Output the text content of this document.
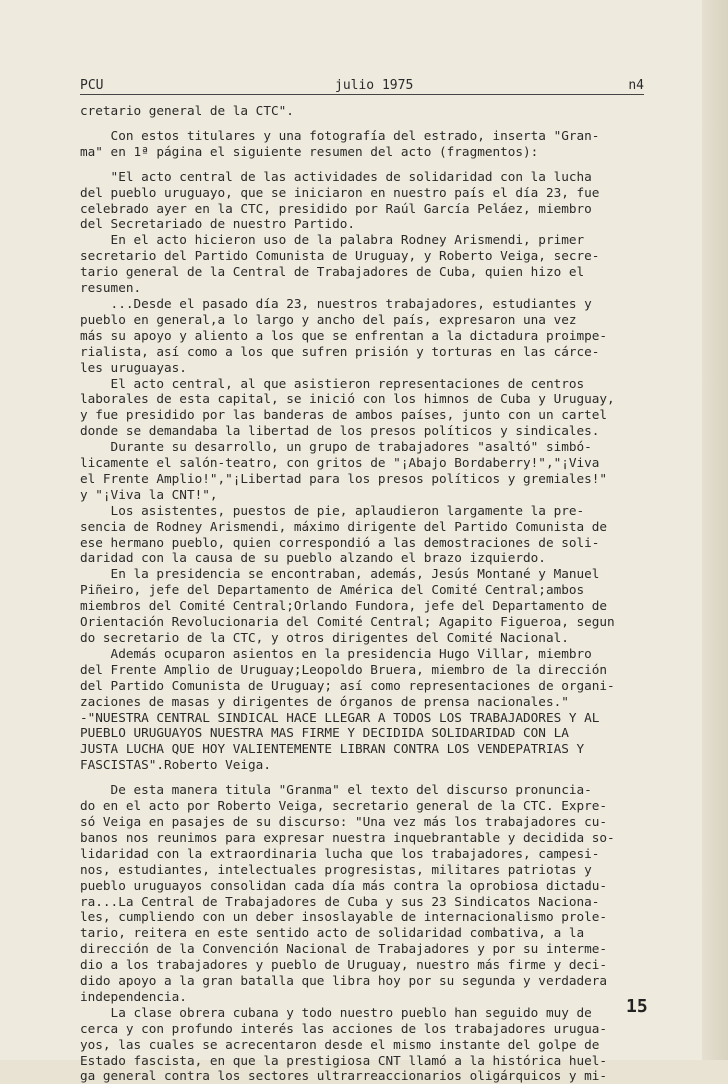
PCU	julio 1975	n4

cretario general de la CTC".

Con estos titulares y una fotografía del estrado, inserta "Gran-

ma" en 1ª página el siguiente resumen del acto (fragmentos):

"El acto central de las actividades de solidaridad con la lucha

del pueblo uruguayo, que se iniciaron en nuestro país el día 23, fue

celebrado ayer en la CTC, presidido por Raúl García Peláez, miembro

del Secretariado de nuestro Partido.

En el acto hicieron uso de la palabra Rodney Arismendi, primer

secretario del Partido Comunista de Uruguay, y Roberto Veiga, secre-

tario general de la Central de Trabajadores de Cuba, quien hizo el

resumen.

...Desde el pasado día 23, nuestros trabajadores, estudiantes y

pueblo en general,a lo largo y ancho del país, expresaron una vez

más su apoyo y aliento a los que se enfrentan a la dictadura proimpe-

rialista, así como a los que sufren prisión y torturas en las cárce-

les uruguayas.

El acto central, al que asistieron representaciones de centros

laborales de esta capital, se inició con los himnos de Cuba y Uruguay,

y fue presidido por las banderas de ambos países, junto con un cartel

donde se demandaba la libertad de los presos políticos y sindicales.

Durante su desarrollo, un grupo de trabajadores "asaltó" simbó-

licamente el salón-teatro, con gritos de "¡Abajo Bordaberry!","¡Viva

el Frente Amplio!","¡Libertad para los presos políticos y gremiales!"

y "¡Viva la CNT!",

Los asistentes, puestos de pie, aplaudieron largamente la pre-

sencia de Rodney Arismendi, máximo dirigente del Partido Comunista de

ese hermano pueblo, quien correspondió a las demostraciones de soli-

daridad con la causa de su pueblo alzando el brazo izquierdo.

En la presidencia se encontraban, además, Jesús Montané y Manuel

Piñeiro, jefe del Departamento de América del Comité Central;ambos

miembros del Comité Central;Orlando Fundora, jefe del Departamento de

Orientación Revolucionaria del Comité Central; Agapito Figueroa, segun

do secretario de la CTC, y otros dirigentes del Comité Nacional.

Además ocuparon asientos en la presidencia Hugo Villar, miembro

del Frente Amplio de Uruguay;Leopoldo Bruera, miembro de la dirección

del Partido Comunista de Uruguay; así como representaciones de organi-

zaciones de masas y dirigentes de órganos de prensa nacionales."

-"NUESTRA CENTRAL SINDICAL HACE LLEGAR A TODOS LOS TRABAJADORES Y AL

PUEBLO URUGUAYOS NUESTRA MAS FIRME Y DECIDIDA SOLIDARIDAD CON LA

JUSTA LUCHA QUE HOY VALIENTEMENTE LIBRAN CONTRA LOS VENDEPATRIAS Y

FASCISTAS".Roberto Veiga.

De esta manera titula "Granma" el texto del discurso pronuncia-

do en el acto por Roberto Veiga, secretario general de la CTC. Expre-

só Veiga en pasajes de su discurso: "Una vez más los trabajadores cu-

banos nos reunimos para expresar nuestra inquebrantable y decidida so-

lidaridad con la extraordinaria lucha que los trabajadores, campesi-

nos, estudiantes, intelectuales progresistas, militares patriotas y

pueblo uruguayos consolidan cada día más contra la oprobiosa dictadu-

ra...La Central de Trabajadores de Cuba y sus 23 Sindicatos Naciona-

les, cumpliendo con un deber insoslayable de internacionalismo prole-

tario, reitera en este sentido acto de solidaridad combativa, a la

dirección de la Convención Nacional de Trabajadores y por su interme-

dio a los trabajadores y pueblo de Uruguay, nuestro más firme y deci-

dido apoyo a la gran batalla que libra hoy por su segunda y verdadera

independencia.

La clase obrera cubana y todo nuestro pueblo han seguido muy de

cerca y con profundo interés las acciones de los trabajadores urugua-

yos, las cuales se acrecentaron desde el mismo instante del golpe de

Estado fascista, en que la prestigiosa CNT llamó a la histórica huel-

ga general contra los sectores ultrarreaccionarios oligárquicos y mi-

15
